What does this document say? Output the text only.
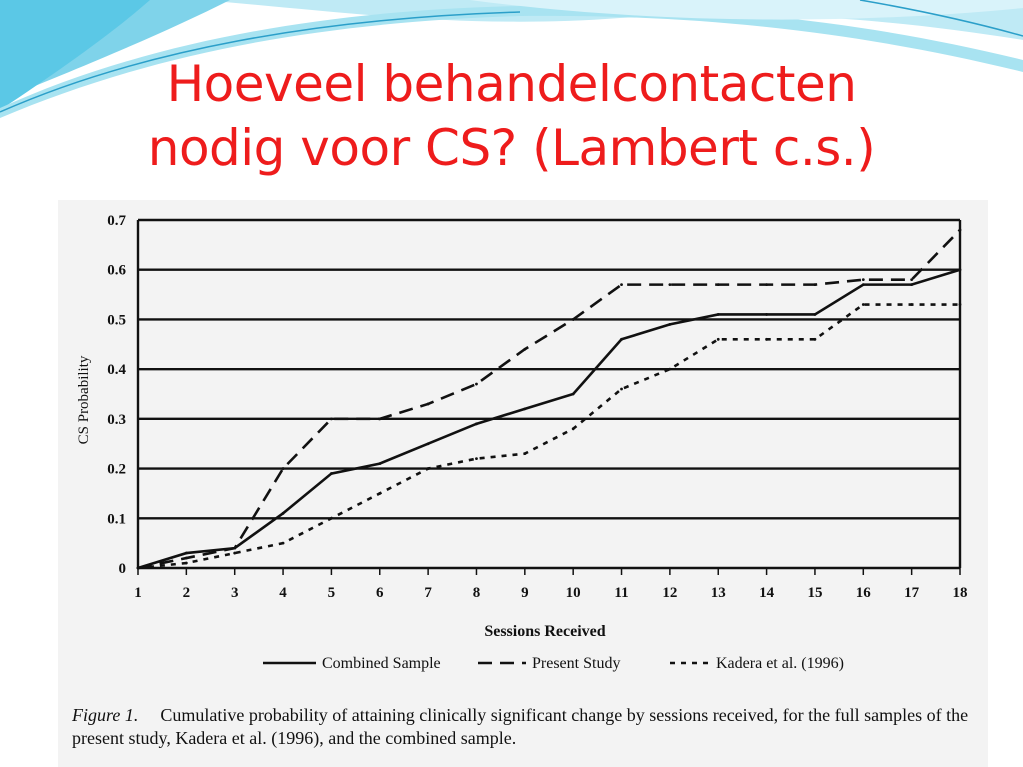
Hoeveel behandelcontacten
nodig voor CS? (Lambert c.s.)
0
0.1
0.2
0.3
0.4
0.5
0.6
0.7
1	2	3	4	5	6	7	8	9 10 11 12 13 14 15 16 17 18
CS Probability
Sessions Received
Combined Sample	Present Study	Kadera et al. (1996)
Figure 1. Cumulative probability of attaining clinically significant change by sessions received, for the full samples of the present study, Kadera et al. (1996), and the combined sample.
